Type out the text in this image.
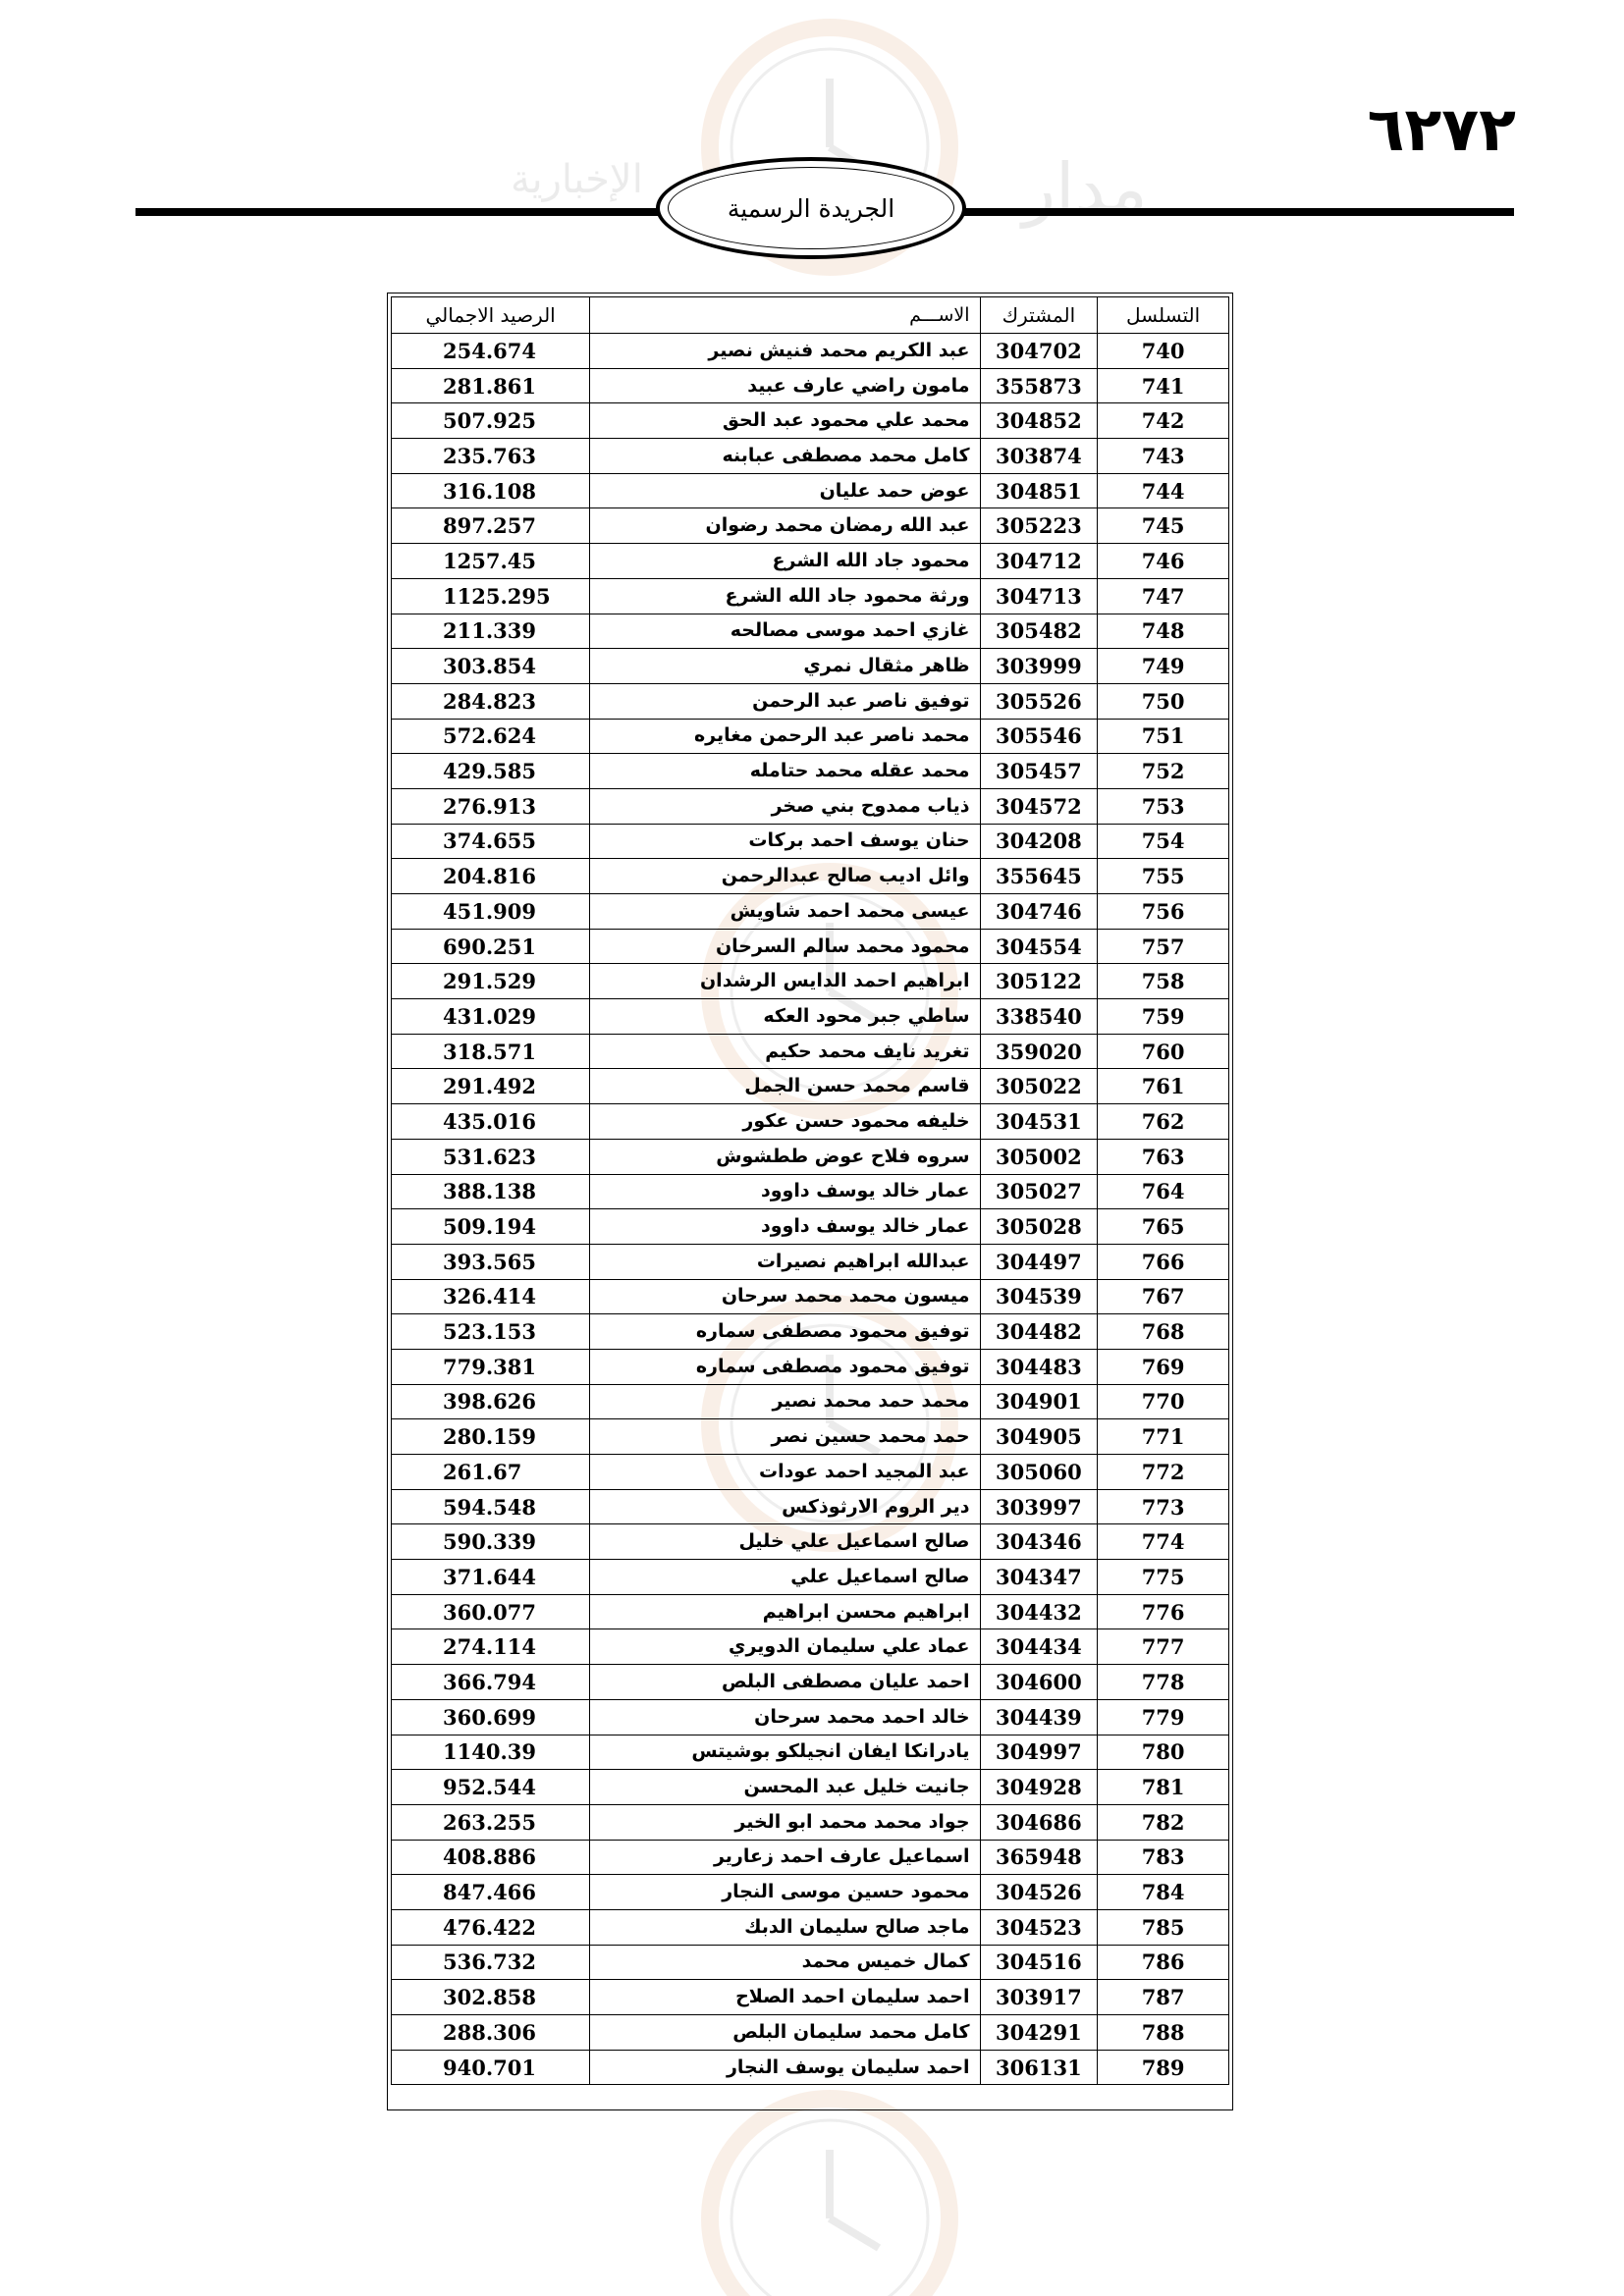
مدار
الإخبارية
٦٢٧٢
الجريدة الرسمية
التسلسل	المشترك	الاســـم	الرصيد الاجمالي
740	304702	عبد الكريم محمد فنيش نصير	254.674
741	355873	مامون راضي عارف عبيد	281.861
742	304852	محمد علي محمود عبد الحق	507.925
743	303874	كامل محمد مصطفى عبابنه	235.763
744	304851	عوض حمد عليان	316.108
745	305223	عبد الله رمضان محمد رضوان	897.257
746	304712	محمود جاد الله الشرع	1257.45
747	304713	ورثة محمود جاد الله الشرع	1125.295
748	305482	غازي احمد موسى مصالحه	211.339
749	303999	ظاهر مثقال نمري	303.854
750	305526	توفيق ناصر عبد الرحمن	284.823
751	305546	محمد ناصر عبد الرحمن مغايره	572.624
752	305457	محمد عقله محمد حتامله	429.585
753	304572	ذياب ممدوح بني صخر	276.913
754	304208	حنان يوسف احمد بركات	374.655
755	355645	وائل اديب صالح عبدالرحمن	204.816
756	304746	عيسى محمد احمد شاويش	451.909
757	304554	محمود محمد سالم السرحان	690.251
758	305122	ابراهيم احمد الدايس الرشدان	291.529
759	338540	ساطي جبر محود العكه	431.029
760	359020	تغريد نايف محمد حكيم	318.571
761	305022	قاسم محمد حسن الجمل	291.492
762	304531	خليفه محمود حسن عكور	435.016
763	305002	سروه فلاح عوض ططشوش	531.623
764	305027	عمار خالد يوسف داوود	388.138
765	305028	عمار خالد يوسف داوود	509.194
766	304497	عبدالله ابراهيم نصيرات	393.565
767	304539	ميسون محمد محمد سرحان	326.414
768	304482	توفيق محمود مصطفى سماره	523.153
769	304483	توفيق محمود مصطفى سماره	779.381
770	304901	محمد حمد محمد نصير	398.626
771	304905	حمد محمد حسين نصر	280.159
772	305060	عبد المجيد احمد عودات	261.67
773	303997	دير الروم الارثوذكس	594.548
774	304346	صالح اسماعيل علي خليل	590.339
775	304347	صالح اسماعيل علي	371.644
776	304432	ابراهيم محسن ابراهيم	360.077
777	304434	عماد علي سليمان الدويري	274.114
778	304600	احمد عليان مصطفى البلص	366.794
779	304439	خالد احمد محمد سرحان	360.699
780	304997	يادرانكا ايفان انجيلكو بوشيتس	1140.39
781	304928	جانيت خليل عبد المحسن	952.544
782	304686	جواد محمد محمد ابو الخير	263.255
783	365948	اسماعيل عارف احمد زعارير	408.886
784	304526	محمود حسين موسى النجار	847.466
785	304523	ماجد صالح سليمان الدبك	476.422
786	304516	كمال خميس محمد	536.732
787	303917	احمد سليمان احمد الصلاح	302.858
788	304291	كامل محمد سليمان البلص	288.306
789	306131	احمد سليمان يوسف النجار	940.701
